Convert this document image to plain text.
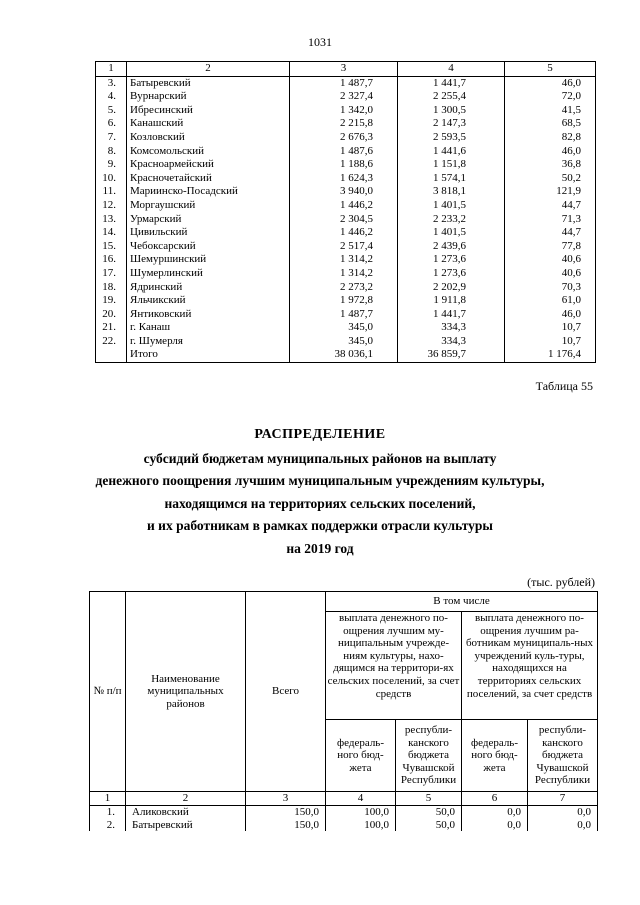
1031
1	2	3	4	5
3.	Батыревский	1 487,7	1 441,7	46,0
4.	Вурнарский	2 327,4	2 255,4	72,0
5.	Ибресинский	1 342,0	1 300,5	41,5
6.	Канашский	2 215,8	2 147,3	68,5
7.	Козловский	2 676,3	2 593,5	82,8
8.	Комсомольский	1 487,6	1 441,6	46,0
9.	Красноармейский	1 188,6	1 151,8	36,8
10.	Красночетайский	1 624,3	1 574,1	50,2
11.	Мариинско-Посадский	3 940,0	3 818,1	121,9
12.	Моргаушский	1 446,2	1 401,5	44,7
13.	Урмарский	2 304,5	2 233,2	71,3
14.	Цивильский	1 446,2	1 401,5	44,7
15.	Чебоксарский	2 517,4	2 439,6	77,8
16.	Шемуршинский	1 314,2	1 273,6	40,6
17.	Шумерлинский	1 314,2	1 273,6	40,6
18.	Ядринский	2 273,2	2 202,9	70,3
19.	Яльчикский	1 972,8	1 911,8	61,0
20.	Янтиковский	1 487,7	1 441,7	46,0
21.	г. Канаш	345,0	334,3	10,7
22.	г. Шумерля	345,0	334,3	10,7
	Итого	38 036,1	36 859,7	1 176,4
Таблица 55
РАСПРЕДЕЛЕНИЕ
субсидий бюджетам муниципальных районов на выплату
денежного поощрения лучшим муниципальным учреждениям культуры,
находящимся на территориях сельских поселений,
и их работникам в рамках поддержки отрасли культуры
на 2019 год
(тыс. рублей)
№ п/п	Наименование муниципальных районов	Всего	В том числе			
			выплата денежного по-ощрения лучшим му-ниципальным учрежде-ниям культуры, нахо-дящимся на территори-ях сельских поселений, за счет средств		выплата денежного по-ощрения лучшим ра-ботникам муниципаль-ных учреждений куль-туры, находящихся на территориях сельских поселений, за счет средств	
			федераль-ного бюд-жета	республи-канского бюджета Чувашской Республики	федераль-ного бюд-жета	республи-канского бюджета Чувашской Республики
1	2	3	4	5	6	7
1.	Аликовский	150,0	100,0	50,0	0,0	0,0
2.	Батыревский	150,0	100,0	50,0	0,0	0,0
